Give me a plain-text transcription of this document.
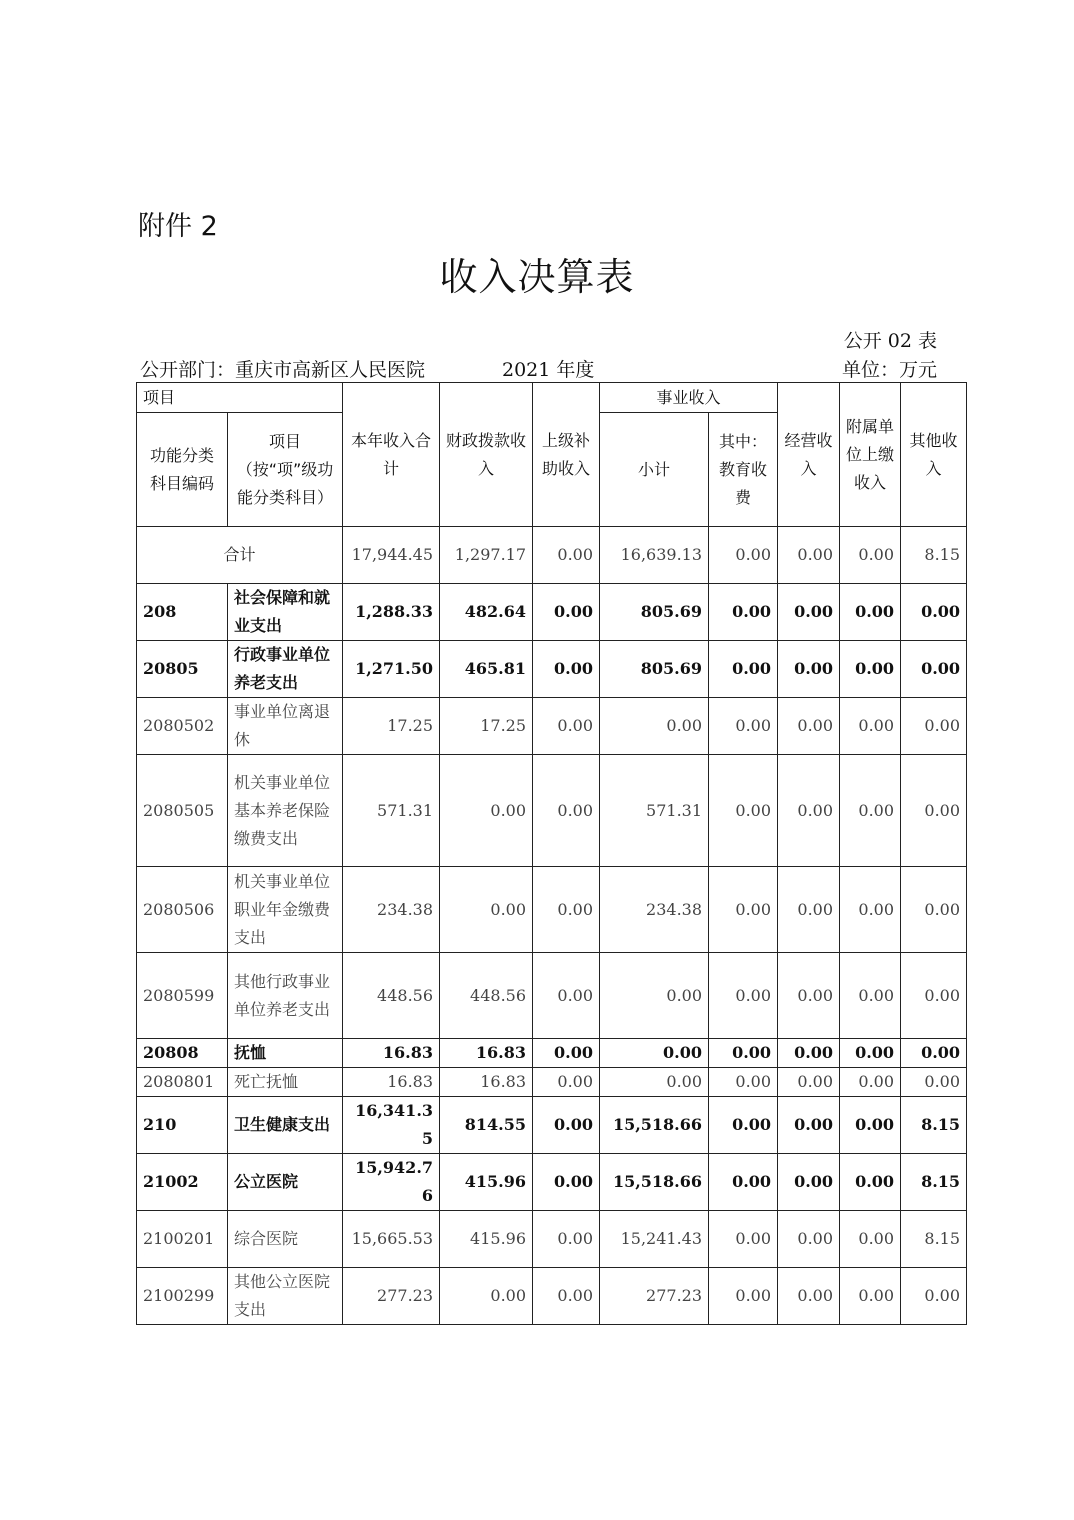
附件 2
收入决算表
公开 02 表
公开部门：重庆市高新区人民医院	2021 年度	单位：万元
项目		本年收入合计	财政拨款收入	上级补助收入	事业收入		经营收入	附属单位上缴收入	其他收入
功能分类科目编码	项目（按“项”级功能分类科目）				小计	其中：教育收费			

合计		17,944.45	1,297.17	0.00	16,639.13	0.00	0.00	0.00	8.15
208	社会保障和就业支出	1,288.33	482.64	0.00	805.69	0.00	0.00	0.00	0.00
20805	行政事业单位养老支出	1,271.50	465.81	0.00	805.69	0.00	0.00	0.00	0.00
2080502	事业单位离退休	17.25	17.25	0.00	0.00	0.00	0.00	0.00	0.00
2080505	机关事业单位基本养老保险缴费支出	571.31	0.00	0.00	571.31	0.00	0.00	0.00	0.00
2080506	机关事业单位职业年金缴费支出	234.38	0.00	0.00	234.38	0.00	0.00	0.00	0.00
2080599	其他行政事业单位养老支出	448.56	448.56	0.00	0.00	0.00	0.00	0.00	0.00
20808	抚恤	16.83	16.83	0.00	0.00	0.00	0.00	0.00	0.00
2080801	死亡抚恤	16.83	16.83	0.00	0.00	0.00	0.00	0.00	0.00
210	卫生健康支出	16,341.35	814.55	0.00	15,518.66	0.00	0.00	0.00	8.15
21002	公立医院	15,942.76	415.96	0.00	15,518.66	0.00	0.00	0.00	8.15
2100201	综合医院	15,665.53	415.96	0.00	15,241.43	0.00	0.00	0.00	8.15
2100299	其他公立医院支出	277.23	0.00	0.00	277.23	0.00	0.00	0.00	0.00
